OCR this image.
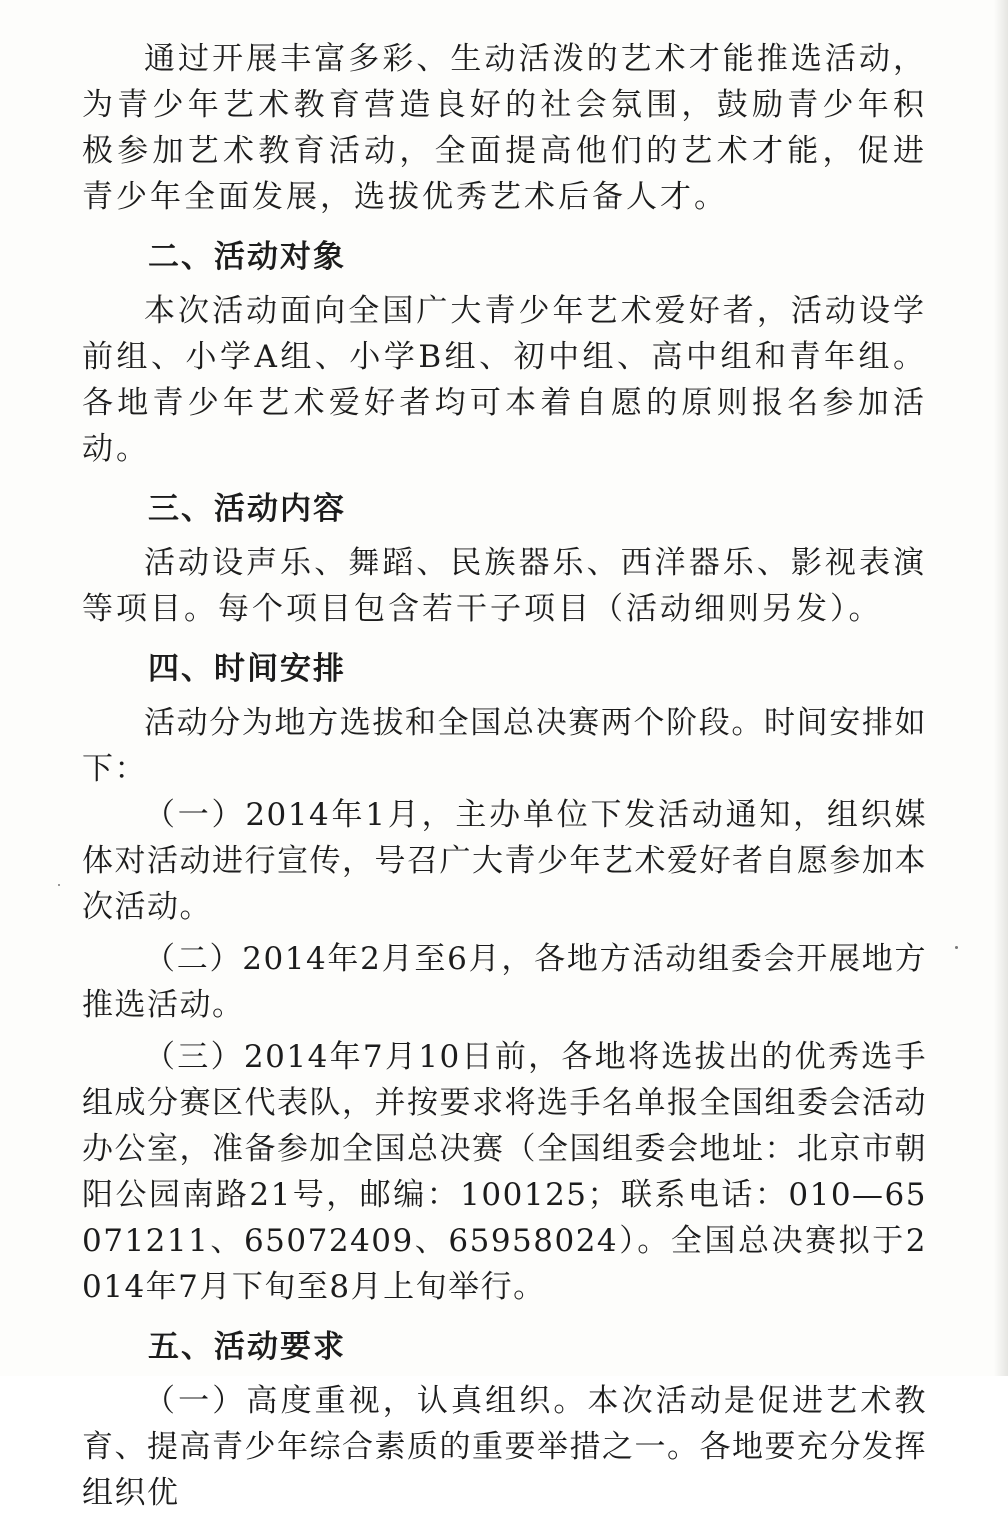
通过开展丰富多彩、生动活泼的艺术才能推选活动，为青少年艺术教育营造良好的社会氛围，鼓励青少年积极参加艺术教育活动，全面提高他们的艺术才能，促进青少年全面发展，选拔优秀艺术后备人才。

二、活动对象

本次活动面向全国广大青少年艺术爱好者，活动设学前组、小学A组、小学B组、初中组、高中组和青年组。各地青少年艺术爱好者均可本着自愿的原则报名参加活动。

三、活动内容

活动设声乐、舞蹈、民族器乐、西洋器乐、影视表演等项目。每个项目包含若干子项目（活动细则另发）。

四、时间安排

活动分为地方选拔和全国总决赛两个阶段。时间安排如下：

（一）2014年1月，主办单位下发活动通知，组织媒体对活动进行宣传，号召广大青少年艺术爱好者自愿参加本次活动。

（二）2014年2月至6月，各地方活动组委会开展地方推选活动。

（三）2014年7月10日前，各地将选拔出的优秀选手组成分赛区代表队，并按要求将选手名单报全国组委会活动办公室，准备参加全国总决赛（全国组委会地址：北京市朝阳公园南路21号，邮编：100125；联系电话：010—65071211、65072409、65958024）。全国总决赛拟于2014年7月下旬至8月上旬举行。

五、活动要求

（一）高度重视，认真组织。本次活动是促进艺术教育、提高青少年综合素质的重要举措之一。各地要充分发挥组织优
